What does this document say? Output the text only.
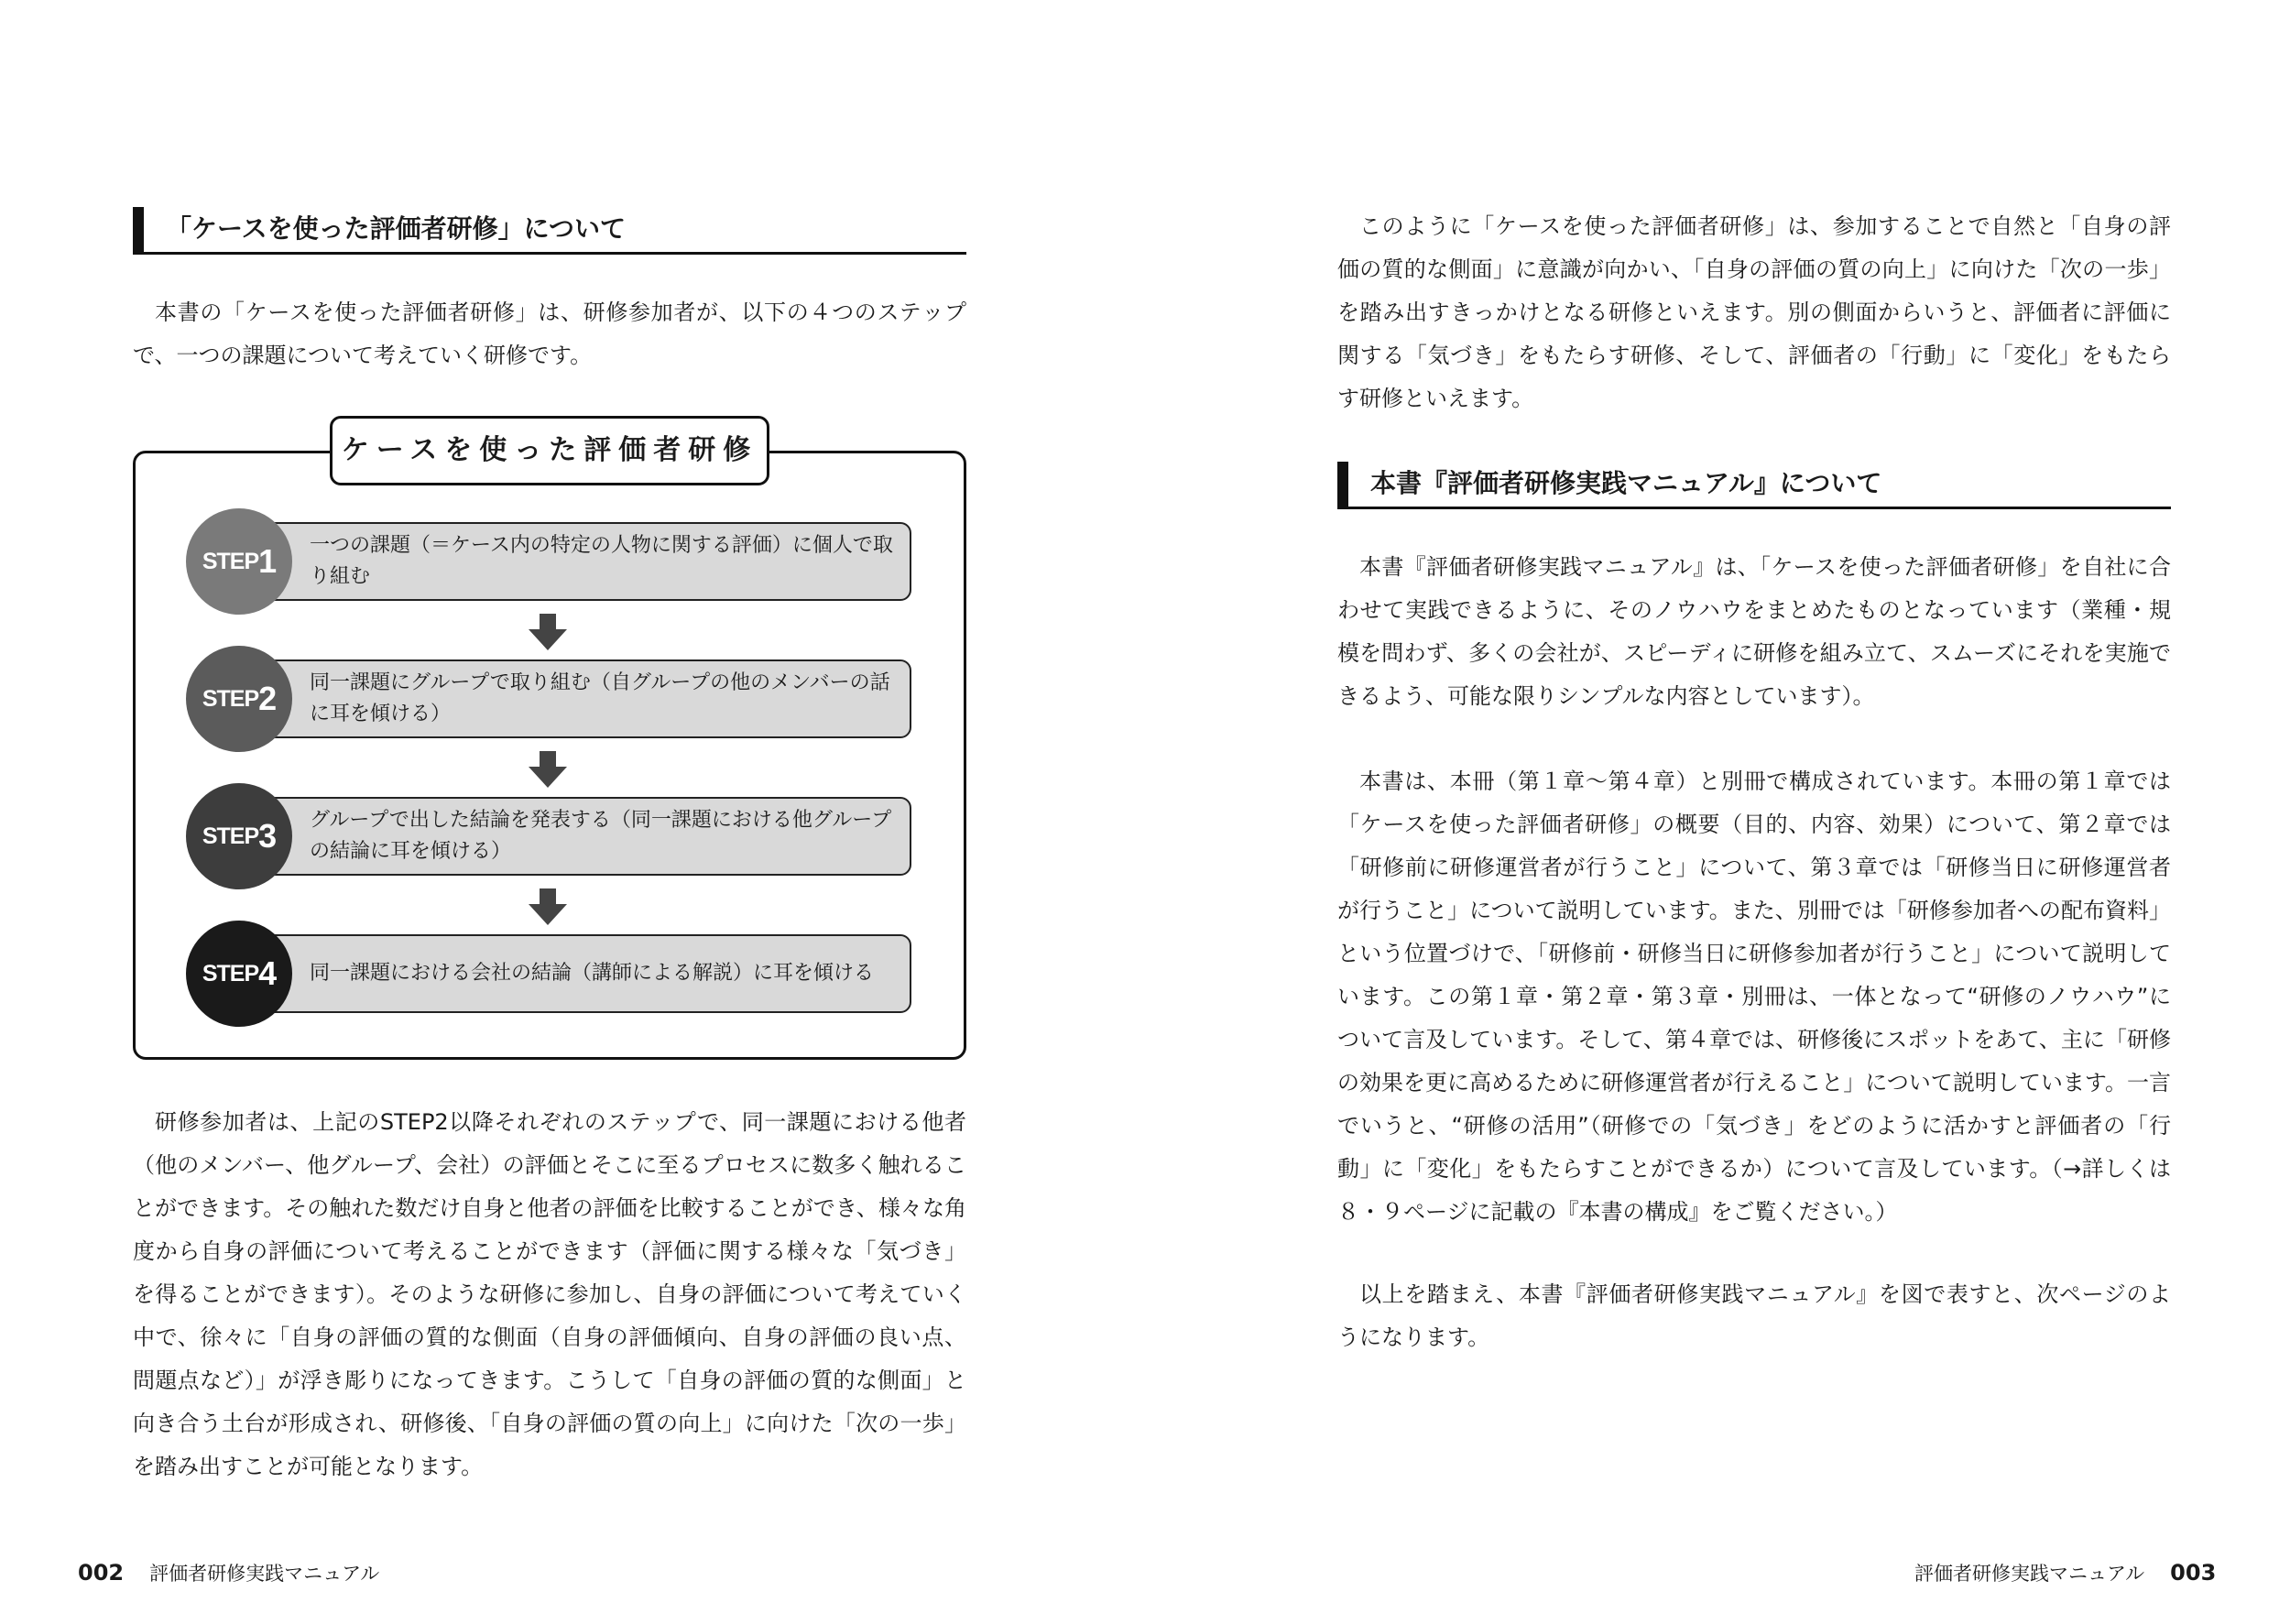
「ケースを使った評価者研修」について

本書の「ケースを使った評価者研修」は、研修参加者が、以下の４つのステップで、一つの課題について考えていく研修です。

ケースを使った評価者研修
一つの課題（＝ケース内の特定の人物に関する評価）に個人で取り組む
STEP 1
同一課題にグループで取り組む（自グループの他のメンバーの話に耳を傾ける）
STEP 2
グループで出した結論を発表する（同一課題における他グループの結論に耳を傾ける）
STEP 3
同一課題における会社の結論（講師による解説）に耳を傾ける
STEP 4

研修参加者は、上記のSTEP2以降それぞれのステップで、同一課題における他者（他のメンバー、他グループ、会社）の評価とそこに至るプロセスに数多く触れることができます。その触れた数だけ自身と他者の評価を比較することができ、様々な角度から自身の評価について考えることができます（評価に関する様々な「気づき」を得ることができます）。そのような研修に参加し、自身の評価について考えていく中で、徐々に「自身の評価の質的な側面（自身の評価傾向、自身の評価の良い点、問題点など）」が浮き彫りになってきます。こうして「自身の評価の質的な側面」と向き合う土台が形成され、研修後、「自身の評価の質の向上」に向けた「次の一歩」を踏み出すことが可能となります。

002 評価者研修実践マニュアル

このように「ケースを使った評価者研修」は、参加することで自然と「自身の評価の質的な側面」に意識が向かい、「自身の評価の質の向上」に向けた「次の一歩」を踏み出すきっかけとなる研修といえます。別の側面からいうと、評価者に評価に関する「気づき」をもたらす研修、そして、評価者の「行動」に「変化」をもたらす研修といえます。

本書『評価者研修実践マニュアル』について

本書『評価者研修実践マニュアル』は、「ケースを使った評価者研修」を自社に合わせて実践できるように、そのノウハウをまとめたものとなっています（業種・規模を問わず、多くの会社が、スピーディに研修を組み立て、スムーズにそれを実施できるよう、可能な限りシンプルな内容としています）。

本書は、本冊（第１章〜第４章）と別冊で構成されています。本冊の第１章では「ケースを使った評価者研修」の概要（目的、内容、効果）について、第２章では「研修前に研修運営者が行うこと」について、第３章では「研修当日に研修運営者が行うこと」について説明しています。また、別冊では「研修参加者への配布資料」という位置づけで、「研修前・研修当日に研修参加者が行うこと」について説明しています。この第１章・第２章・第３章・別冊は、一体となって“研修のノウハウ”について言及しています。そして、第４章では、研修後にスポットをあて、主に「研修の効果を更に高めるために研修運営者が行えること」について説明しています。一言でいうと、“研修の活用”（研修での「気づき」をどのように活かすと評価者の「行動」に「変化」をもたらすことができるか）について言及しています。（→詳しくは８・９ページに記載の『本書の構成』をご覧ください。）

以上を踏まえ、本書『評価者研修実践マニュアル』を図で表すと、次ページのようになります。

評価者研修実践マニュアル 003
